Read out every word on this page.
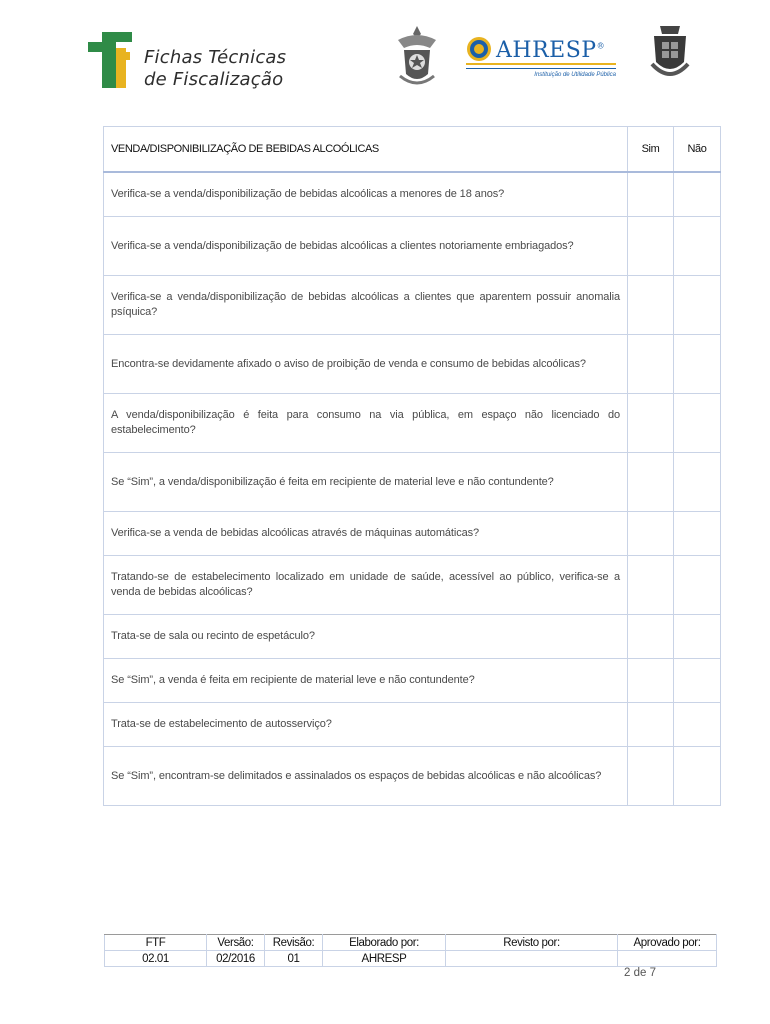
Fichas Técnicas
de Fiscalização
AHRESP®
Instituição de Utilidade Pública
VENDA/DISPONIBILIZAÇÃO DE BEBIDAS ALCOÓLICAS	Sim	Não
Verifica-se a venda/disponibilização de bebidas alcoólicas a menores de 18 anos?		
Verifica-se a venda/disponibilização de bebidas alcoólicas a clientes notoriamente embriagados?		
Verifica-se a venda/disponibilização de bebidas alcoólicas a clientes que aparentem possuir anomalia psíquica?		
Encontra-se devidamente afixado o aviso de proibição de venda e consumo de bebidas alcoólicas?		
A venda/disponibilização é feita para consumo na via pública, em espaço não licenciado do estabelecimento?		
Se “Sim”, a venda/disponibilização é feita em recipiente de material leve e não contundente?		
Verifica-se a venda de bebidas alcoólicas através de máquinas automáticas?		
Tratando-se de estabelecimento localizado em unidade de saúde, acessível ao público, verifica-se a venda de bebidas alcoólicas?		
Trata-se de sala ou recinto de espetáculo?		
Se “Sim”, a venda é feita em recipiente de material leve e não contundente?		
Trata-se de estabelecimento de autosserviço?		
Se “Sim”, encontram-se delimitados e assinalados os espaços de bebidas alcoólicas e não alcoólicas?		
FTF	Versão:	Revisão:	Elaborado por:	Revisto por:	Aprovado por:
02.01	02/2016	01	AHRESP		
2 de 7
